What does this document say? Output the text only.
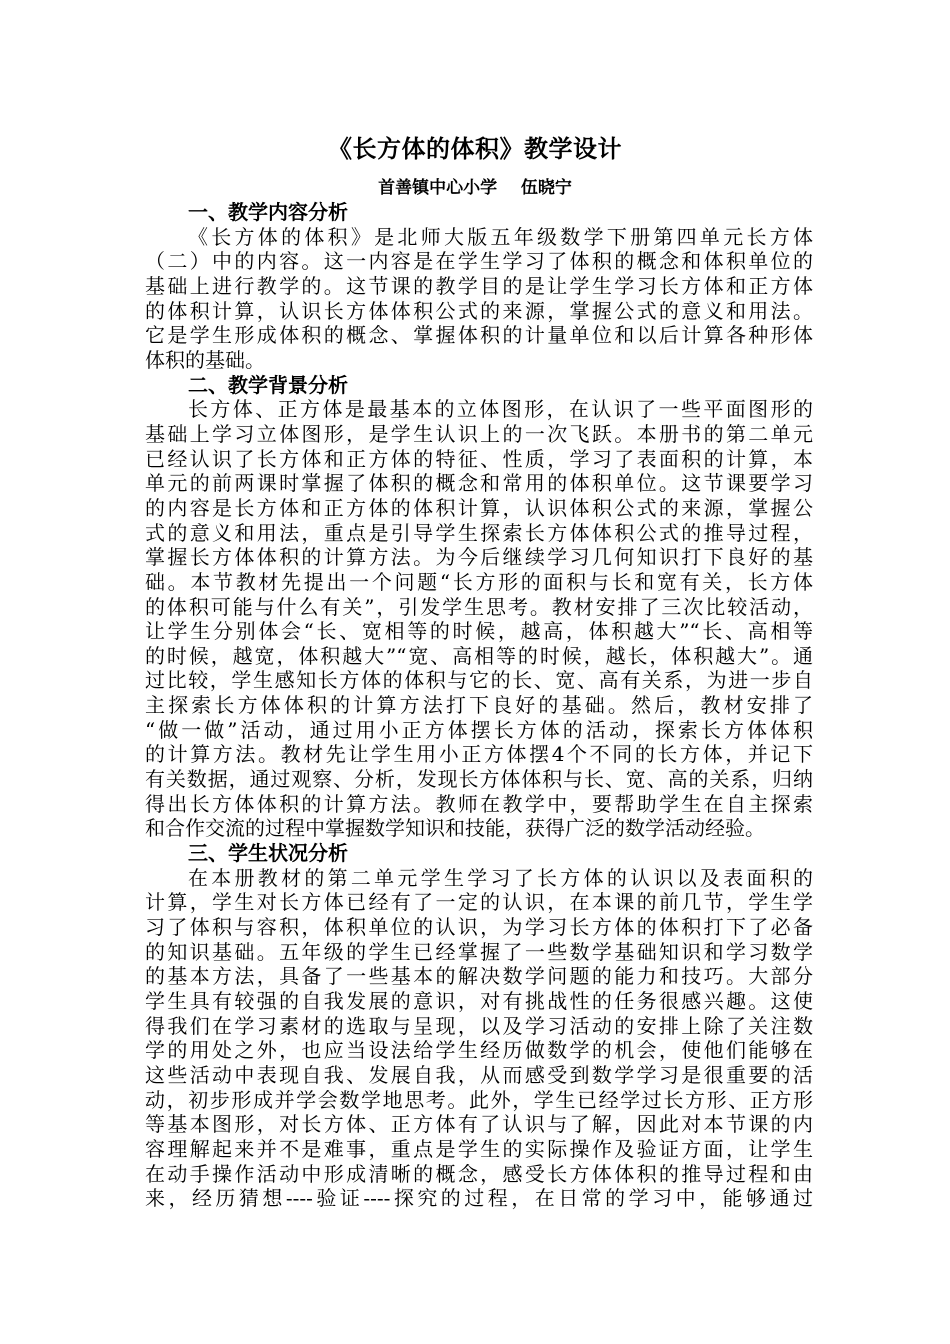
《长方体的体积》教学设计
首善镇中心小学    伍晓宁
一、教学内容分析
《长方体的体积》是北师大版五年级数学下册第四单元长方体
（二）中的内容。这一内容是在学生学习了体积的概念和体积单位的
基础上进行教学的。这节课的教学目的是让学生学习长方体和正方体
的体积计算，认识长方体体积公式的来源，掌握公式的意义和用法。
它是学生形成体积的概念、掌握体积的计量单位和以后计算各种形体
体积的基础。
二、教学背景分析
长方体、正方体是最基本的立体图形，在认识了一些平面图形的
基础上学习立体图形，是学生认识上的一次飞跃。本册书的第二单元
已经认识了长方体和正方体的特征、性质，学习了表面积的计算，本
单元的前两课时掌握了体积的概念和常用的体积单位。这节课要学习
的内容是长方体和正方体的体积计算，认识体积公式的来源，掌握公
式的意义和用法，重点是引导学生探索长方体体积公式的推导过程，
掌握长方体体积的计算方法。为今后继续学习几何知识打下良好的基
础。本节教材先提出一个问题“长方形的面积与长和宽有关，长方体
的体积可能与什么有关”，引发学生思考。教材安排了三次比较活动，
让学生分别体会“长、宽相等的时候，越高，体积越大”“长、高相等
的时候，越宽，体积越大”“宽、高相等的时候，越长，体积越大”。通
过比较，学生感知长方体的体积与它的长、宽、高有关系，为进一步自
主探索长方体体积的计算方法打下良好的基础。然后，教材安排了
“做一做”活动，通过用小正方体摆长方体的活动，探索长方体体积
的计算方法。教材先让学生用小正方体摆4个不同的长方体，并记下
有关数据，通过观察、分析，发现长方体体积与长、宽、高的关系，归纳
得出长方体体积的计算方法。教师在教学中，要帮助学生在自主探索
和合作交流的过程中掌握数学知识和技能，获得广泛的数学活动经验。
三、学生状况分析
在本册教材的第二单元学生学习了长方体的认识以及表面积的
计算，学生对长方体已经有了一定的认识，在本课的前几节，学生学
习了体积与容积，体积单位的认识，为学习长方体的体积打下了必备
的知识基础。五年级的学生已经掌握了一些数学基础知识和学习数学
的基本方法，具备了一些基本的解决数学问题的能力和技巧。大部分
学生具有较强的自我发展的意识，对有挑战性的任务很感兴趣。这使
得我们在学习素材的选取与呈现，以及学习活动的安排上除了关注数
学的用处之外，也应当设法给学生经历做数学的机会，使他们能够在
这些活动中表现自我、发展自我，从而感受到数学学习是很重要的活
动，初步形成并学会数学地思考。此外，学生已经学过长方形、正方形
等基本图形，对长方体、正方体有了认识与了解，因此对本节课的内
容理解起来并不是难事，重点是学生的实际操作及验证方面，让学生
在动手操作活动中形成清晰的概念，感受长方体体积的推导过程和由
来，经历猜想----验证----探究的过程，在日常的学习中，能够通过
